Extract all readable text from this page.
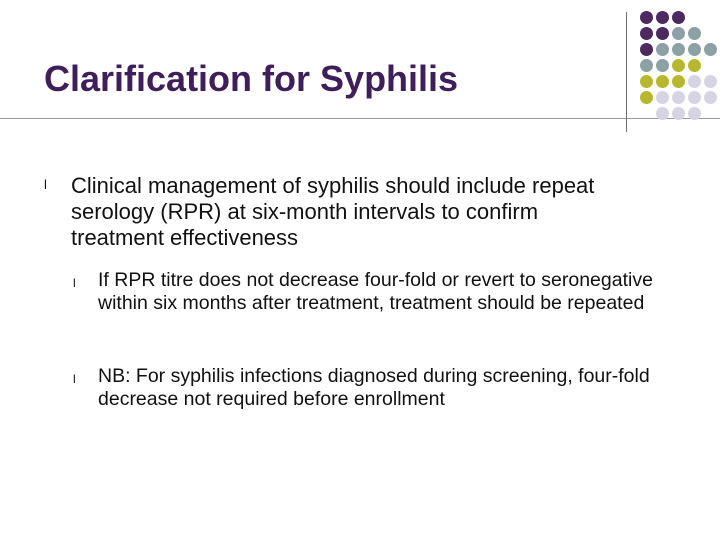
Clarification for Syphilis
l Clinical management of syphilis should include repeat serology (RPR) at six-month intervals to confirm treatment effectiveness
l If RPR titre does not decrease four-fold or revert to seronegative within six months after treatment, treatment should be repeated
l NB: For syphilis infections diagnosed during screening, four-fold decrease not required before enrollment
